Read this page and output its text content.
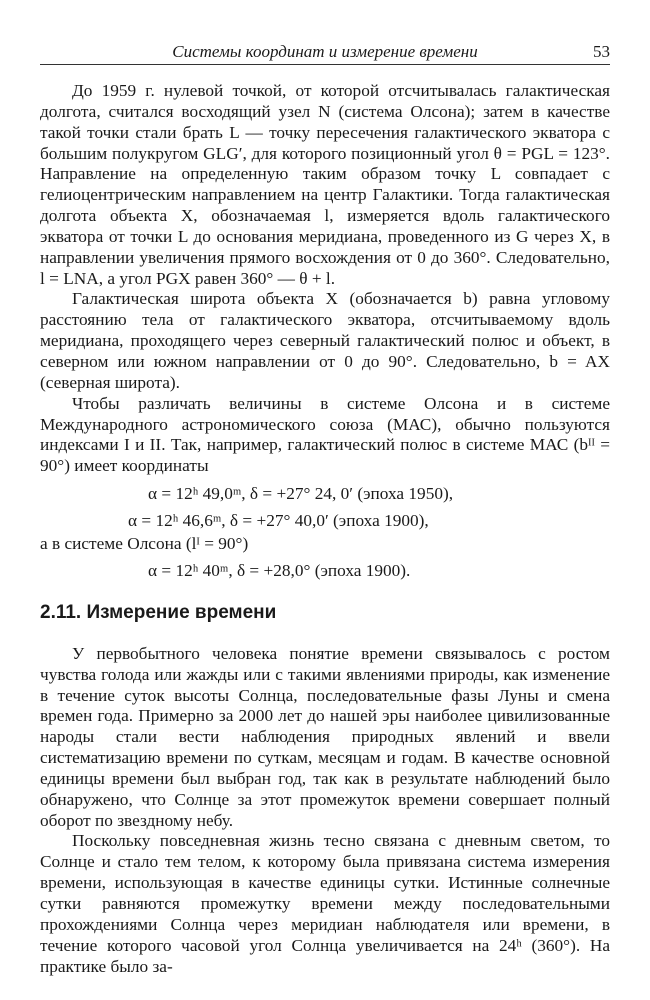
Системы координат и измерение времени	53

До 1959 г. нулевой точкой, от которой отсчитывалась галактическая долгота, считался восходящий узел N (система Олсона); затем в качестве такой точки стали брать L — точку пересечения галактического экватора с большим полукругом GLG′, для которого позиционный угол θ = PGL = 123°. Направление на определенную таким образом точку L совпадает с гелиоцентрическим направлением на центр Галактики. Тогда галактическая долгота объекта X, обозначаемая l, измеряется вдоль галактического экватора от точки L до основания меридиана, проведенного из G через X, в направлении увеличения прямого восхождения от 0 до 360°. Следовательно, l = LNA, а угол PGX равен 360° — θ + l.

Галактическая широта объекта X (обозначается b) равна угловому расстоянию тела от галактического экватора, отсчитываемому вдоль меридиана, проходящего через северный галактический полюс и объект, в северном или южном направлении от 0 до 90°. Следовательно, b = AX (северная широта).

Чтобы различать величины в системе Олсона и в системе Международного астрономического союза (МАС), обычно пользуются индексами I и II. Так, например, галактический полюс в системе МАС (bᴵᴵ = 90°) имеет координаты

α = 12ʰ 49,0ᵐ, δ = +27° 24, 0′ (эпоха 1950),

α = 12ʰ 46,6ᵐ, δ = +27° 40,0′ (эпоха 1900),

а в системе Олсона (lᴵ = 90°)

α = 12ʰ 40ᵐ, δ = +28,0° (эпоха 1900).

2.11. Измерение времени

У первобытного человека понятие времени связывалось с ростом чувства голода или жажды или с такими явлениями природы, как изменение в течение суток высоты Солнца, последовательные фазы Луны и смена времен года. Примерно за 2000 лет до нашей эры наиболее цивилизованные народы стали вести наблюдения природных явлений и ввели систематизацию времени по суткам, месяцам и годам. В качестве основной единицы времени был выбран год, так как в результате наблюдений было обнаружено, что Солнце за этот промежуток времени совершает полный оборот по звездному небу.

Поскольку повседневная жизнь тесно связана с дневным светом, то Солнце и стало тем телом, к которому была привязана система измерения времени, использующая в качестве единицы сутки. Истинные солнечные сутки равняются промежутку времени между последовательными прохождениями Солнца через меридиан наблюдателя или времени, в течение которого часовой угол Солнца увеличивается на 24ʰ (360°). На практике было за-
